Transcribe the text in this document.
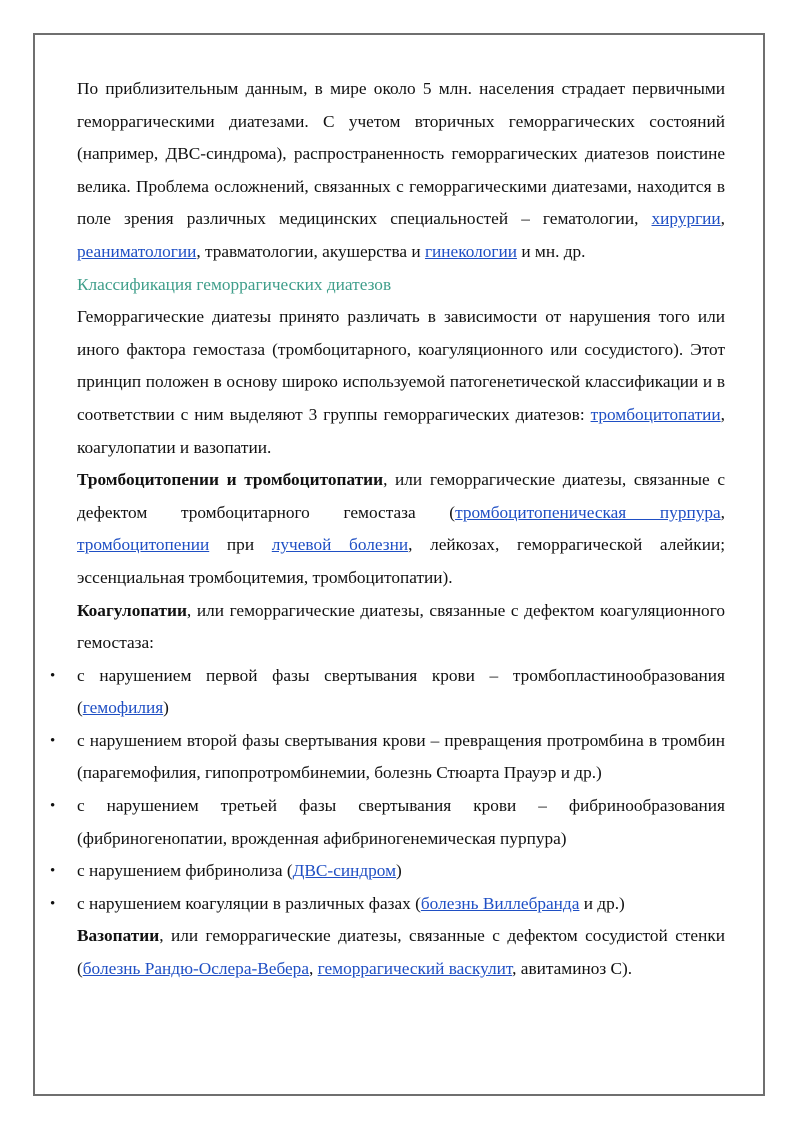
По приблизительным данным, в мире около 5 млн. населения страдает первичными геморрагическими диатезами. С учетом вторичных геморрагических состояний (например, ДВС-синдрома), распространенность геморрагических диатезов поистине велика. Проблема осложнений, связанных с геморрагическими диатезами, находится в поле зрения различных медицинских специальностей – гематологии, хирургии, реаниматологии, травматологии, акушерства и гинекологии и мн. др.

Классификация геморрагических диатезов

Геморрагические диатезы принято различать в зависимости от нарушения того или иного фактора гемостаза (тромбоцитарного, коагуляционного или сосудистого). Этот принцип положен в основу широко используемой патогенетической классификации и в соответствии с ним выделяют 3 группы геморрагических диатезов: тромбоцитопатии, коагулопатии и вазопатии.

Тромбоцитопении и тромбоцитопатии, или геморрагические диатезы, связанные с дефектом тромбоцитарного гемостаза (тромбоцитопеническая пурпура, тромбоцитопении при лучевой болезни, лейкозах, геморрагической алейкии; эссенциальная тромбоцитемия, тромбоцитопатии).

Коагулопатии, или геморрагические диатезы, связанные с дефектом коагуляционного гемостаза:

• с нарушением первой фазы свертывания крови – тромбопластинообразования (гемофилия)
• с нарушением второй фазы свертывания крови – превращения протромбина в тромбин (парагемофилия, гипопротромбинемии, болезнь Стюарта Прауэр и др.)
• с нарушением третьей фазы свертывания крови – фибринообразования (фибриногенопатии, врожденная афибриногенемическая пурпура)
• с нарушением фибринолиза (ДВС-синдром)
• с нарушением коагуляции в различных фазах (болезнь Виллебранда и др.)

Вазопатии, или геморрагические диатезы, связанные с дефектом сосудистой стенки (болезнь Рандю-Ослера-Вебера, геморрагический васкулит, авитаминоз С).
